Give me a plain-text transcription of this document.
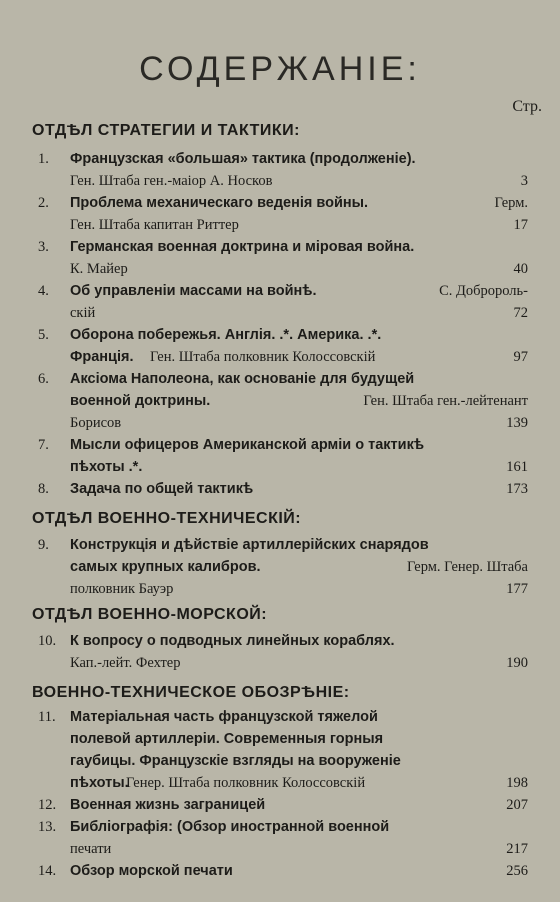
СОДЕРЖАНІЕ:
Стр.
ОТДѢЛ СТРАТЕГИИ И ТАКТИКИ:
1. Французская «большая» тактика (продолженіе).
Ген. Штаба ген.-маіор А. Носков	3
2. Проблема механическаго веденія войны.	Герм.
Ген. Штаба капитан Риттер	17
3. Германская военная доктрина и міровая война.
К. Майер	40
4. Об управленіи массами на войнѣ.	С. Добророль-
скій	72
5. Оборона побережья. Англія. .*. Америка. .*.
Франція. Ген. Штаба полковник Колоссовскій	97
6. Аксіома Наполеона, как основаніе для будущей
военной доктрины.	Ген. Штаба ген.-лейтенант
Борисов	139
7. Мысли офицеров Американской арміи о тактикѣ
пѣхоты .*.	161
8. Задача по общей тактикѣ	173
ОТДѢЛ ВОЕННО-ТЕХНИЧЕСКІЙ:
9. Конструкція и дѣйствіе артиллерійских снарядов
самых крупных калибров.	Герм. Генер. Штаба
полковник Бауэр	177
ОТДѢЛ ВОЕННО-МОРСКОЙ:
10. К вопросу о подводных линейных кораблях.
Кап.-лейт. Фехтер	190
ВОЕННО-ТЕХНИЧЕСКОЕ ОБОЗРѢНІЕ:
11. Матеріальная часть французской тяжелой
полевой артиллеріи. Современныя горныя
гаубицы. Французскіе взгляды на вооруженіе
пѣхоты.
Генер. Штаба полковник Колоссовскій	198
12. Военная жизнь заграницей	207
13. Библіографія: (Обзор иностранной военной
печати	217
14. Обзор морской печати	256
